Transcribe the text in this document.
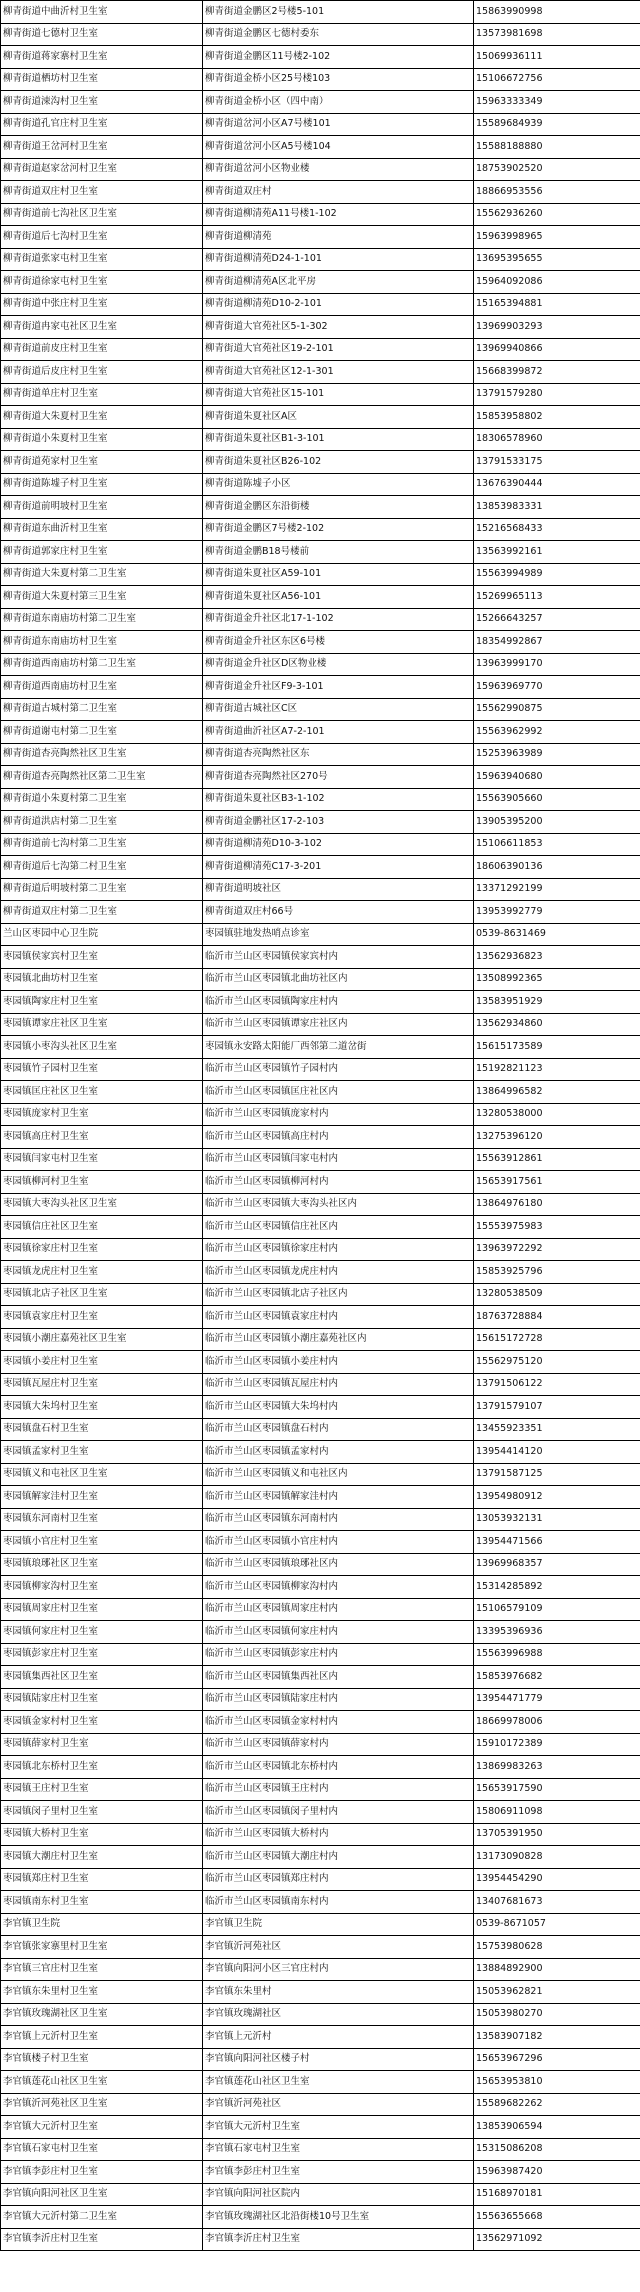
柳青街道中曲沂村卫生室	柳青街道金鹏区2号楼5-101	15863990998
柳青街道七德村卫生室	柳青街道金鹏区七德村委东	13573981698
柳青街道蒋家寨村卫生室	柳青街道金鹏区11号楼2-102	15069936111
柳青街道栖坊村卫生室	柳青街道金桥小区25号楼103	15106672756
柳青街道涑沟村卫生室	柳青街道金桥小区（四中南）	15963333349
柳青街道孔官庄村卫生室	柳青街道岔河小区A7号楼101	15589684939
柳青街道王岔河村卫生室	柳青街道岔河小区A5号楼104	15588188880
柳青街道赵家岔河村卫生室	柳青街道岔河小区物业楼	18753902520
柳青街道双庄村卫生室	柳青街道双庄村	18866953556
柳青街道前七沟社区卫生室	柳青街道柳清苑A11号楼1-102	15562936260
柳青街道后七沟村卫生室	柳青街道柳清苑	15963998965
柳青街道张家屯村卫生室	柳青街道柳清苑D24-1-101	13695395655
柳青街道徐家屯村卫生室	柳青街道柳清苑A区北平房	15964092086
柳青街道中张庄村卫生室	柳青街道柳清苑D10-2-101	15165394881
柳青街道冉家屯社区卫生室	柳青街道大官苑社区5-1-302	13969903293
柳青街道前皮庄村卫生室	柳青街道大官苑社区19-2-101	13969940866
柳青街道后皮庄村卫生室	柳青街道大官苑社区12-1-301	15668399872
柳青街道单庄村卫生室	柳青街道大官苑社区15-101	13791579280
柳青街道大朱夏村卫生室	柳青街道朱夏社区A区	15853958802
柳青街道小朱夏村卫生室	柳青街道朱夏社区B1-3-101	18306578960
柳青街道苑家村卫生室	柳青街道朱夏社区B26-102	13791533175
柳青街道陈墟子村卫生室	柳青街道陈墟子小区	13676390444
柳青街道前明坡村卫生室	柳青街道金鹏区东沿街楼	13853983331
柳青街道东曲沂村卫生室	柳青街道金鹏区7号楼2-102	15216568433
柳青街道郭家庄村卫生室	柳青街道金鹏B18号楼前	13563992161
柳青街道大朱夏村第二卫生室	柳青街道朱夏社区A59-101	15563994989
柳青街道大朱夏村第三卫生室	柳青街道朱夏社区A56-101	15269965113
柳青街道东南庙坊村第二卫生室	柳青街道金升社区北17-1-102	15266643257
柳青街道东南庙坊村卫生室	柳青街道金升社区东区6号楼	18354992867
柳青街道西南庙坊村第二卫生室	柳青街道金升社区D区物业楼	13963999170
柳青街道西南庙坊村卫生室	柳青街道金升社区F9-3-101	15963969770
柳青街道古城村第二卫生室	柳青街道古城社区C区	15562990875
柳青街道谢屯村第二卫生室	柳青街道曲沂社区A7-2-101	15563962992
柳青街道杏亮陶然社区卫生室	柳青街道杏亮陶然社区东	15253963989
柳青街道杏亮陶然社区第二卫生室	柳青街道杏亮陶然社区270号	15963940680
柳青街道小朱夏村第二卫生室	柳青街道朱夏社区B3-1-102	15563905660
柳青街道洪店村第二卫生室	柳青街道金鹏社区17-2-103	13905395200
柳青街道前七沟村第二卫生室	柳青街道柳清苑D10-3-102	15106611853
柳青街道后七沟第二村卫生室	柳青街道柳清苑C17-3-201	18606390136
柳青街道后明坡村第二卫生室	柳青街道明坡社区	13371292199
柳青街道双庄村第二卫生室	柳青街道双庄村66号	13953992779
兰山区枣园中心卫生院	枣园镇驻地发热哨点诊室	0539-8631469
枣园镇侯家宾村卫生室	临沂市兰山区枣园镇侯家宾村内	13562936823
枣园镇北曲坊村卫生室	临沂市兰山区枣园镇北曲坊社区内	13508992365
枣园镇陶家庄村卫生室	临沂市兰山区枣园镇陶家庄村内	13583951929
枣园镇谭家庄社区卫生室	临沂市兰山区枣园镇谭家庄社区内	13562934860
枣园镇小枣沟头社区卫生室	枣园镇永安路太阳能厂西邻第二道岔街	15615173589
枣园镇竹子园村卫生室	临沂市兰山区枣园镇竹子园村内	15192821123
枣园镇匡庄社区卫生室	临沂市兰山区枣园镇匡庄社区内	13864996582
枣园镇庞家村卫生室	临沂市兰山区枣园镇庞家村内	13280538000
枣园镇高庄村卫生室	临沂市兰山区枣园镇高庄村内	13275396120
枣园镇闫家屯村卫生室	临沂市兰山区枣园镇闫家屯村内	15563912861
枣园镇柳河村卫生室	临沂市兰山区枣园镇柳河村内	15653917561
枣园镇大枣沟头社区卫生室	临沂市兰山区枣园镇大枣沟头社区内	13864976180
枣园镇信庄社区卫生室	临沂市兰山区枣园镇信庄社区内	15553975983
枣园镇徐家庄村卫生室	临沂市兰山区枣园镇徐家庄村内	13963972292
枣园镇龙虎庄村卫生室	临沂市兰山区枣园镇龙虎庄村内	15853925796
枣园镇北店子社区卫生室	临沂市兰山区枣园镇北店子社区内	13280538509
枣园镇袁家庄村卫生室	临沂市兰山区枣园镇袁家庄村内	18763728884
枣园镇小潮庄嘉苑社区卫生室	临沂市兰山区枣园镇小潮庄嘉苑社区内	15615172728
枣园镇小姜庄村卫生室	临沂市兰山区枣园镇小姜庄村内	15562975120
枣园镇瓦屋庄村卫生室	临沂市兰山区枣园镇瓦屋庄村内	13791506122
枣园镇大朱坞村卫生室	临沂市兰山区枣园镇大朱坞村内	13791579107
枣园镇盘石村卫生室	临沂市兰山区枣园镇盘石村内	13455923351
枣园镇孟家村卫生室	临沂市兰山区枣园镇孟家村内	13954414120
枣园镇义和屯社区卫生室	临沂市兰山区枣园镇义和屯社区内	13791587125
枣园镇解家洼村卫生室	临沂市兰山区枣园镇解家洼村内	13954980912
枣园镇东河南村卫生室	临沂市兰山区枣园镇东河南村内	13053932131
枣园镇小官庄村卫生室	临沂市兰山区枣园镇小官庄村内	13954471566
枣园镇琅琊社区卫生室	临沂市兰山区枣园镇琅琊社区内	13969968357
枣园镇柳家沟村卫生室	临沂市兰山区枣园镇柳家沟村内	15314285892
枣园镇周家庄村卫生室	临沂市兰山区枣园镇周家庄村内	15106579109
枣园镇何家庄村卫生室	临沂市兰山区枣园镇何家庄村内	13395396936
枣园镇彭家庄村卫生室	临沂市兰山区枣园镇彭家庄村内	15563996988
枣园镇集西社区卫生室	临沂市兰山区枣园镇集西社区内	15853976682
枣园镇陆家庄村卫生室	临沂市兰山区枣园镇陆家庄村内	13954471779
枣园镇金家村村卫生室	临沂市兰山区枣园镇金家村村内	18669978006
枣园镇薛家村卫生室	临沂市兰山区枣园镇薛家村内	15910172389
枣园镇北东桥村卫生室	临沂市兰山区枣园镇北东桥村内	13869983263
枣园镇王庄村卫生室	临沂市兰山区枣园镇王庄村内	15653917590
枣园镇闵子里村卫生室	临沂市兰山区枣园镇闵子里村内	15806911098
枣园镇大桥村卫生室	临沂市兰山区枣园镇大桥村内	13705391950
枣园镇大潮庄村卫生室	临沂市兰山区枣园镇大潮庄村内	13173090828
枣园镇郑庄村卫生室	临沂市兰山区枣园镇郑庄村内	13954454290
枣园镇南东村卫生室	临沂市兰山区枣园镇南东村内	13407681673
李官镇卫生院	李官镇卫生院	0539-8671057
李官镇张家寨里村卫生室	李官镇沂河苑社区	15753980628
李官镇三官庄村卫生室	李官镇向阳河小区三官庄村内	13884892900
李官镇东朱里村卫生室	李官镇东朱里村	15053962821
李官镇玫瑰湖社区卫生室	李官镇玫瑰湖社区	15053980270
李官镇上元沂村卫生室	李官镇上元沂村	13583907182
李官镇楼子村卫生室	李官镇向阳河社区楼子村	15653967296
李官镇莲花山社区卫生室	李官镇莲花山社区卫生室	15653953810
李官镇沂河苑社区卫生室	李官镇沂河苑社区	15589682262
李官镇大元沂村卫生室	李官镇大元沂村卫生室	13853906594
李官镇石家屯村卫生室	李官镇石家屯村卫生室	15315086208
李官镇李彭庄村卫生室	李官镇李彭庄村卫生室	15963987420
李官镇向阳河社区卫生室	李官镇向阳河社区院内	15168970181
李官镇大元沂村第二卫生室	李官镇玫瑰湖社区北沿街楼10号卫生室	15563655668
李官镇李沂庄村卫生室	李官镇李沂庄村卫生室	13562971092
